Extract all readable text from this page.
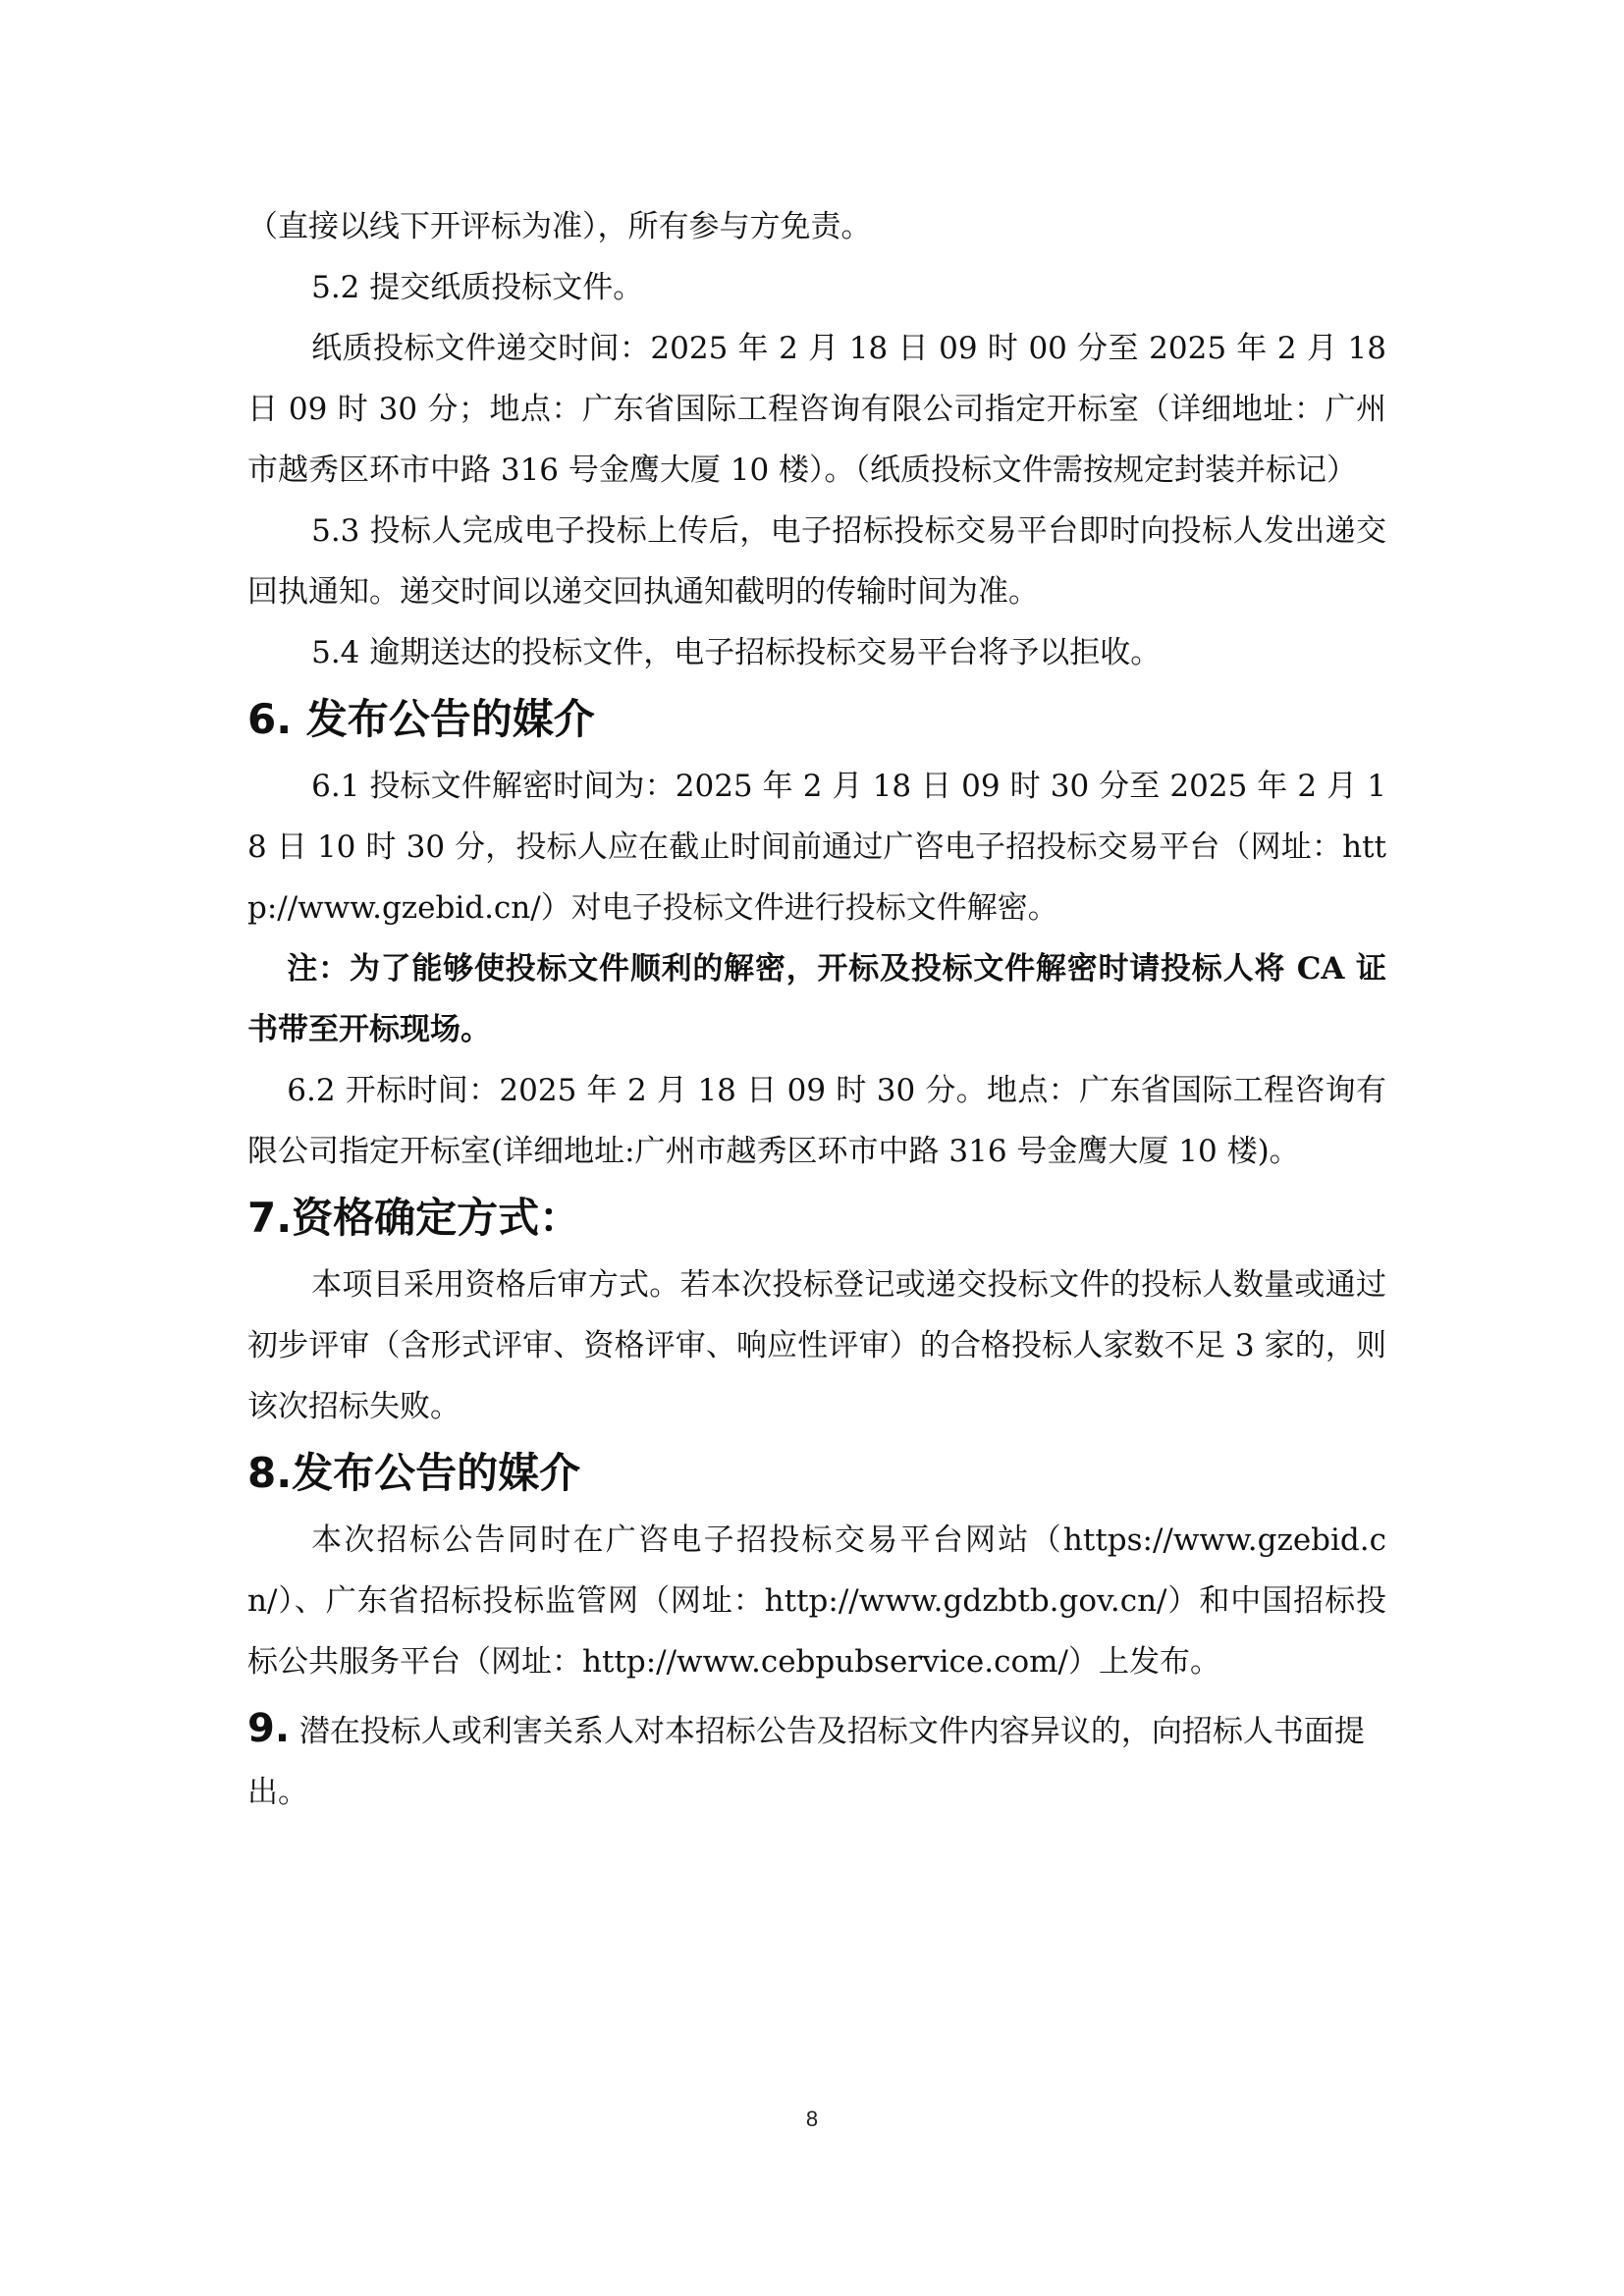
（直接以线下开评标为准），所有参与方免责。

5.2 提交纸质投标文件。

纸质投标文件递交时间：2025 年 2 月 18 日 09 时 00 分至 2025 年 2 月 18 日 09 时 30 分；地点：广东省国际工程咨询有限公司指定开标室（详细地址：广州市越秀区环市中路 316 号金鹰大厦 10 楼）。（纸质投标文件需按规定封装并标记）

5.3 投标人完成电子投标上传后，电子招标投标交易平台即时向投标人发出递交回执通知。递交时间以递交回执通知截明的传输时间为准。

5.4 逾期送达的投标文件，电子招标投标交易平台将予以拒收。

6. 发布公告的媒介

6.1 投标文件解密时间为：2025 年 2 月 18 日 09 时 30 分至 2025 年 2 月 18 日 10 时 30 分，投标人应在截止时间前通过广咨电子招投标交易平台（网址：http://www.gzebid.cn/）对电子投标文件进行投标文件解密。

注：为了能够使投标文件顺利的解密，开标及投标文件解密时请投标人将 CA 证书带至开标现场。

6.2 开标时间：2025 年 2 月 18 日 09 时 30 分。地点：广东省国际工程咨询有限公司指定开标室(详细地址:广州市越秀区环市中路 316 号金鹰大厦 10 楼)。

7.资格确定方式：

本项目采用资格后审方式。若本次投标登记或递交投标文件的投标人数量或通过初步评审（含形式评审、资格评审、响应性评审）的合格投标人家数不足 3 家的，则该次招标失败。

8.发布公告的媒介

本次招标公告同时在广咨电子招投标交易平台网站（https://www.gzebid.cn/）、广东省招标投标监管网（网址：http://www.gdzbtb.gov.cn/）和中国招标投标公共服务平台（网址：http://www.cebpubservice.com/）上发布。

9. 潜在投标人或利害关系人对本招标公告及招标文件内容异议的，向招标人书面提出。

8
